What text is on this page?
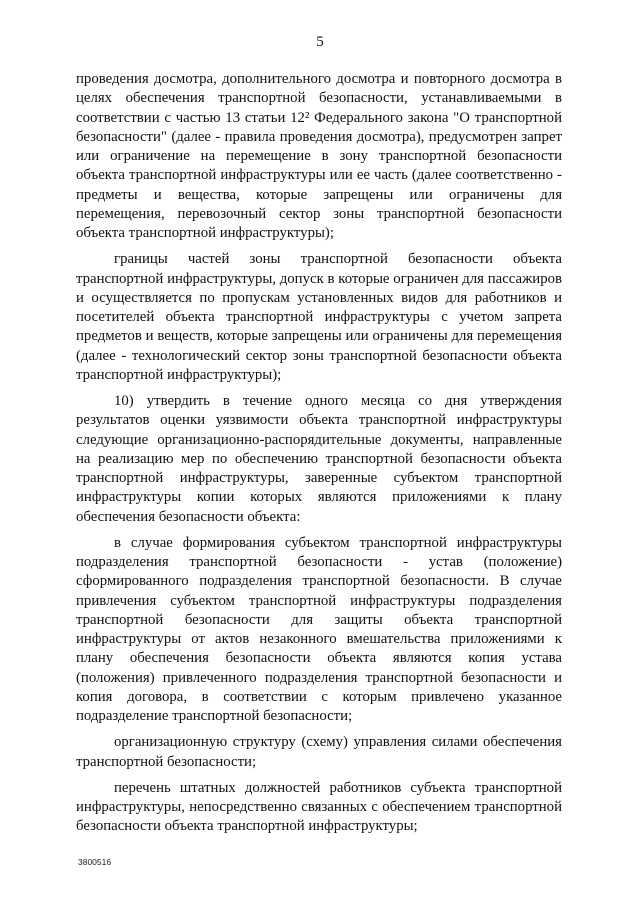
5

проведения досмотра, дополнительного досмотра и повторного досмотра в целях обеспечения транспортной безопасности, устанавливаемыми в соответствии с частью 13 статьи 12² Федерального закона "О транспортной безопасности" (далее - правила проведения досмотра), предусмотрен запрет или ограничение на перемещение в зону транспортной безопасности объекта транспортной инфраструктуры или ее часть (далее соответственно - предметы и вещества, которые запрещены или ограничены для перемещения, перевозочный сектор зоны транспортной безопасности объекта транспортной инфраструктуры);

границы частей зоны транспортной безопасности объекта транспортной инфраструктуры, допуск в которые ограничен для пассажиров и осуществляется по пропускам установленных видов для работников и посетителей объекта транспортной инфраструктуры с учетом запрета предметов и веществ, которые запрещены или ограничены для перемещения (далее - технологический сектор зоны транспортной безопасности объекта транспортной инфраструктуры);

10) утвердить в течение одного месяца со дня утверждения результатов оценки уязвимости объекта транспортной инфраструктуры следующие организационно-распорядительные документы, направленные на реализацию мер по обеспечению транспортной безопасности объекта транспортной инфраструктуры, заверенные субъектом транспортной инфраструктуры копии которых являются приложениями к плану обеспечения безопасности объекта:

в случае формирования субъектом транспортной инфраструктуры подразделения транспортной безопасности - устав (положение) сформированного подразделения транспортной безопасности. В случае привлечения субъектом транспортной инфраструктуры подразделения транспортной безопасности для защиты объекта транспортной инфраструктуры от актов незаконного вмешательства приложениями к плану обеспечения безопасности объекта являются копия устава (положения) привлеченного подразделения транспортной безопасности и копия договора, в соответствии с которым привлечено указанное подразделение транспортной безопасности;

организационную структуру (схему) управления силами обеспечения транспортной безопасности;

перечень штатных должностей работников субъекта транспортной инфраструктуры, непосредственно связанных с обеспечением транспортной безопасности объекта транспортной инфраструктуры;

3800516
